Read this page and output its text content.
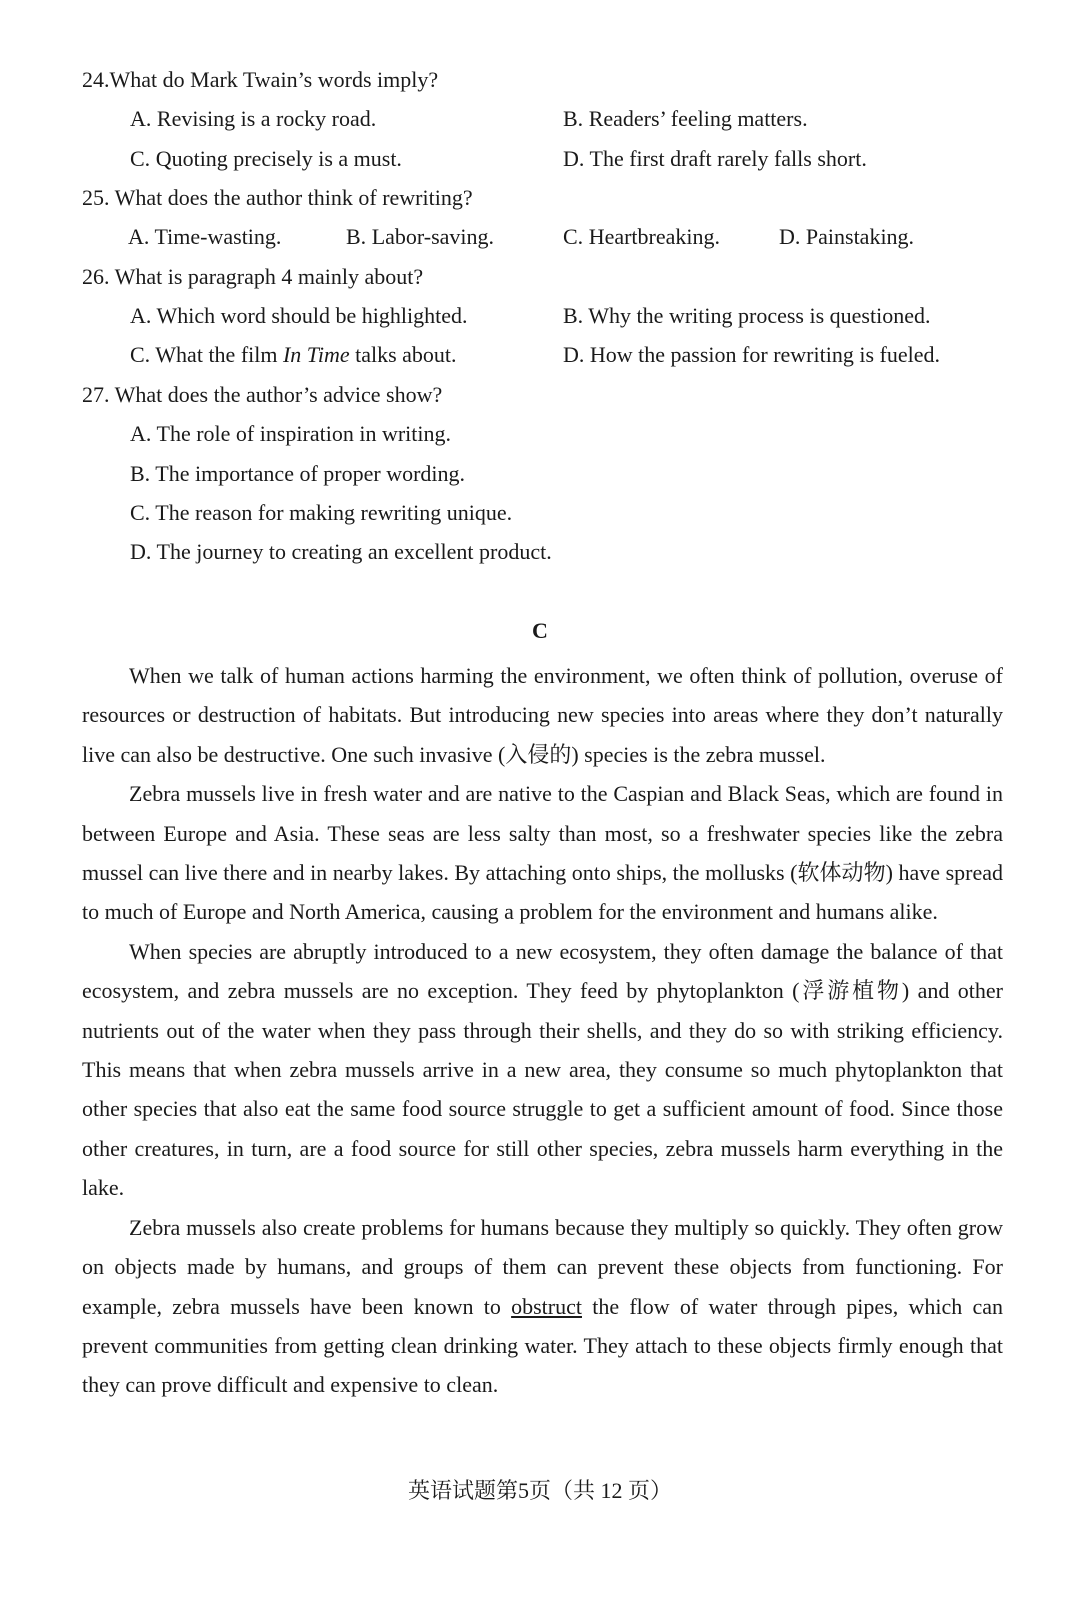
24.What do Mark Twain’s words imply?
A. Revising is a rocky road.	B. Readers’ feeling matters.
C. Quoting precisely is a must.	D. The first draft rarely falls short.
25. What does the author think of rewriting?
A. Time-wasting.	B. Labor-saving.	C. Heartbreaking.	D. Painstaking.
26. What is paragraph 4 mainly about?
A. Which word should be highlighted.	B. Why the writing process is questioned.
C. What the film In Time talks about.	D. How the passion for rewriting is fueled.
27. What does the author’s advice show?
A. The role of inspiration in writing.
B. The importance of proper wording.
C. The reason for making rewriting unique.
D. The journey to creating an excellent product.
C

When we talk of human actions harming the environment, we often think of pollution, overuse of resources or destruction of habitats. But introducing new species into areas where they don’t naturally live can also be destructive. One such invasive (入侵的) species is the zebra mussel.

Zebra mussels live in fresh water and are native to the Caspian and Black Seas, which are found in between Europe and Asia. These seas are less salty than most, so a freshwater species like the zebra mussel can live there and in nearby lakes. By attaching onto ships, the mollusks (软体动物) have spread to much of Europe and North America, causing a problem for the environment and humans alike.

When species are abruptly introduced to a new ecosystem, they often damage the balance of that ecosystem, and zebra mussels are no exception. They feed by phytoplankton (浮游植物) and other nutrients out of the water when they pass through their shells, and they do so with striking efficiency. This means that when zebra mussels arrive in a new area, they consume so much phytoplankton that other species that also eat the same food source struggle to get a sufficient amount of food. Since those other creatures, in turn, are a food source for still other species, zebra mussels harm everything in the lake.

Zebra mussels also create problems for humans because they multiply so quickly. They often grow on objects made by humans, and groups of them can prevent these objects from functioning. For example, zebra mussels have been known to obstruct the flow of water through pipes, which can prevent communities from getting clean drinking water. They attach to these objects firmly enough that they can prove difficult and expensive to clean.

英语试题第5页（共 12 页）
